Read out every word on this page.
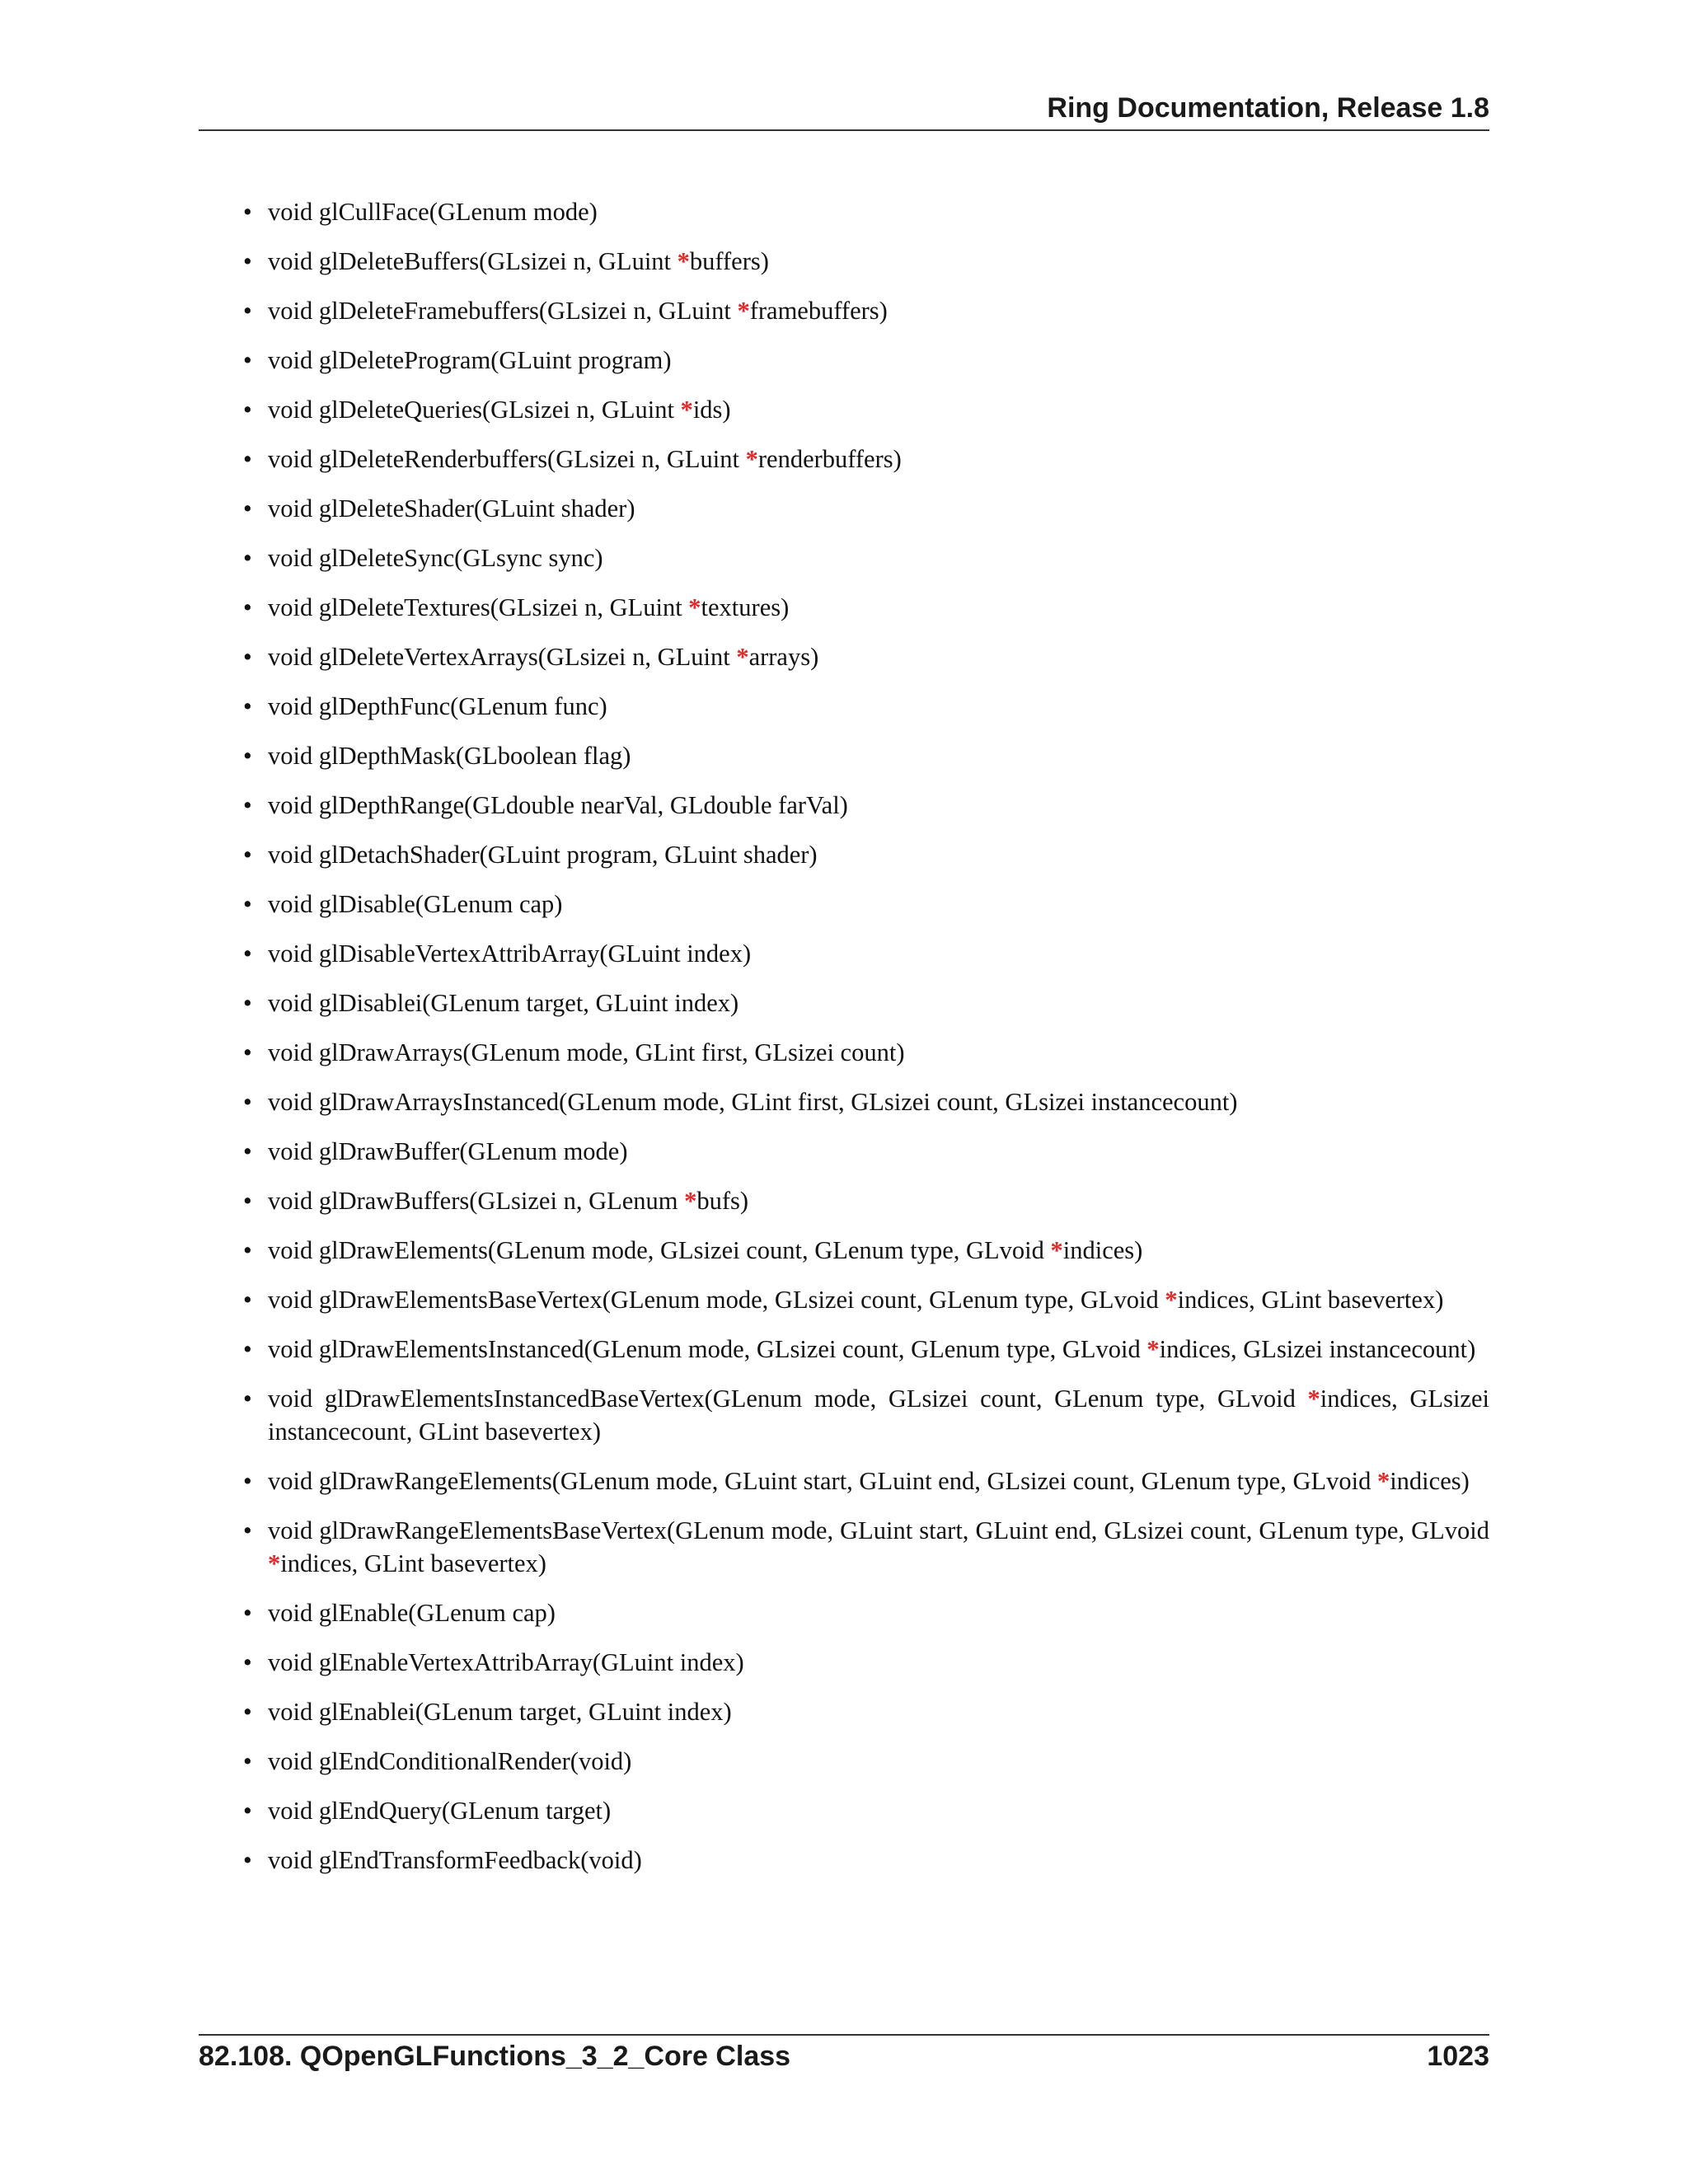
Ring Documentation, Release 1.8
• void glCullFace(GLenum mode)
• void glDeleteBuffers(GLsizei n, GLuint *buffers)
• void glDeleteFramebuffers(GLsizei n, GLuint *framebuffers)
• void glDeleteProgram(GLuint program)
• void glDeleteQueries(GLsizei n, GLuint *ids)
• void glDeleteRenderbuffers(GLsizei n, GLuint *renderbuffers)
• void glDeleteShader(GLuint shader)
• void glDeleteSync(GLsync sync)
• void glDeleteTextures(GLsizei n, GLuint *textures)
• void glDeleteVertexArrays(GLsizei n, GLuint *arrays)
• void glDepthFunc(GLenum func)
• void glDepthMask(GLboolean flag)
• void glDepthRange(GLdouble nearVal, GLdouble farVal)
• void glDetachShader(GLuint program, GLuint shader)
• void glDisable(GLenum cap)
• void glDisableVertexAttribArray(GLuint index)
• void glDisablei(GLenum target, GLuint index)
• void glDrawArrays(GLenum mode, GLint first, GLsizei count)
• void glDrawArraysInstanced(GLenum mode, GLint first, GLsizei count, GLsizei instancecount)
• void glDrawBuffer(GLenum mode)
• void glDrawBuffers(GLsizei n, GLenum *bufs)
• void glDrawElements(GLenum mode, GLsizei count, GLenum type, GLvoid *indices)
• void glDrawElementsBaseVertex(GLenum mode, GLsizei count, GLenum type, GLvoid *indices, GLint basevertex)
• void glDrawElementsInstanced(GLenum mode, GLsizei count, GLenum type, GLvoid *indices, GLsizei instancecount)
• void glDrawElementsInstancedBaseVertex(GLenum mode, GLsizei count, GLenum type, GLvoid *indices, GLsizei instancecount, GLint basevertex)
• void glDrawRangeElements(GLenum mode, GLuint start, GLuint end, GLsizei count, GLenum type, GLvoid *indices)
• void glDrawRangeElementsBaseVertex(GLenum mode, GLuint start, GLuint end, GLsizei count, GLenum type, GLvoid *indices, GLint basevertex)
• void glEnable(GLenum cap)
• void glEnableVertexAttribArray(GLuint index)
• void glEnablei(GLenum target, GLuint index)
• void glEndConditionalRender(void)
• void glEndQuery(GLenum target)
• void glEndTransformFeedback(void)
82.108. QOpenGLFunctions_3_2_Core Class	1023
